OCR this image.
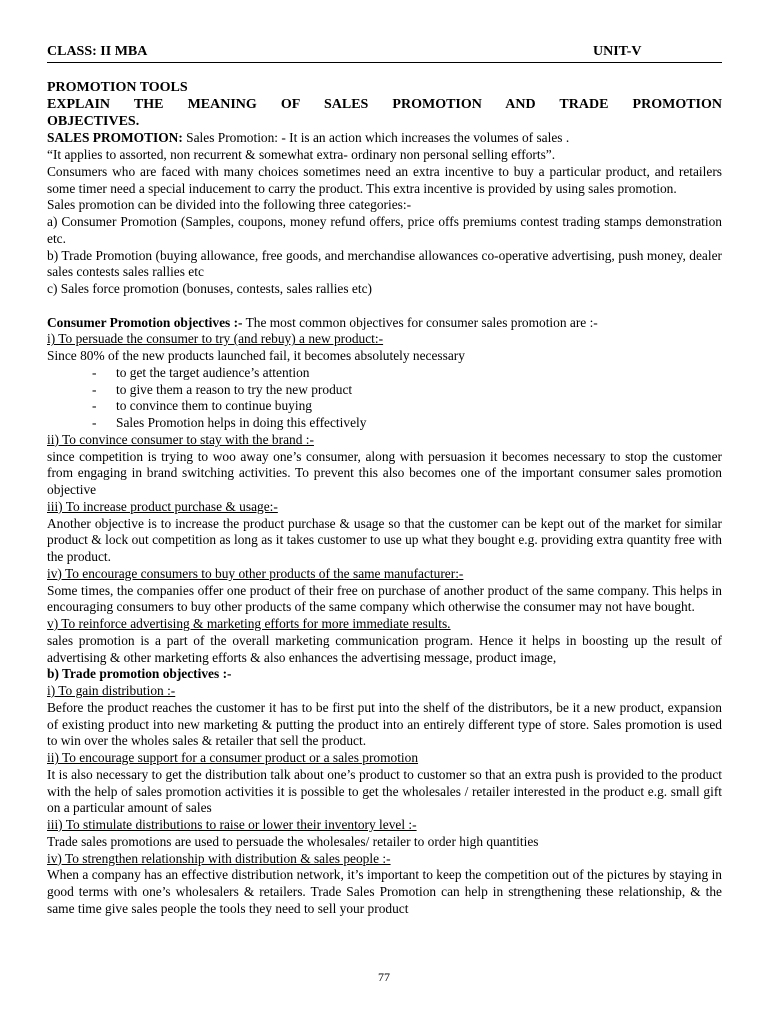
CLASS: II MBA	UNIT-V

PROMOTION TOOLS

EXPLAIN THE MEANING OF SALES PROMOTION AND TRADE PROMOTION

OBJECTIVES.

SALES PROMOTION: Sales Promotion: - It is an action which increases the volumes of sales .

“It applies to assorted, non recurrent & somewhat extra- ordinary non personal selling efforts”.

Consumers who are faced with many choices sometimes need an extra incentive to buy a particular product, and retailers some timer need a special inducement to carry the product. This extra incentive is provided by using sales promotion.

Sales promotion can be divided into the following three categories:-

a) Consumer Promotion (Samples, coupons, money refund offers, price offs premiums contest trading stamps demonstration etc.

b) Trade Promotion (buying allowance, free goods, and merchandise allowances co-operative advertising, push money, dealer sales contests sales rallies etc

c) Sales force promotion (bonuses, contests, sales rallies etc)

Consumer Promotion objectives :- The most common objectives for consumer sales promotion are :-

i) To persuade the consumer to try (and rebuy) a new product:-

Since 80% of the new products launched fail, it becomes absolutely necessary

- to get the target audience’s attention
- to give them a reason to try the new product
- to convince them to continue buying
- Sales Promotion helps in doing this effectively

ii) To convince consumer to stay with the brand :-

since competition is trying to woo away one’s consumer, along with persuasion it becomes necessary to stop the customer from engaging in brand switching activities. To prevent this also becomes one of the important consumer sales promotion objective

iii) To increase product purchase & usage:-

Another objective is to increase the product purchase & usage so that the customer can be kept out of the market for similar product & lock out competition as long as it takes customer to use up what they bought e.g. providing extra quantity free with the product.

iv) To encourage consumers to buy other products of the same manufacturer:-

Some times, the companies offer one product of their free on purchase of another product of the same company. This helps in encouraging consumers to buy other products of the same company which otherwise the consumer may not have bought.

v) To reinforce advertising & marketing efforts for more immediate results.

sales promotion is a part of the overall marketing communication program. Hence it helps in boosting up the result of advertising & other marketing efforts & also enhances the advertising message, product image,

b) Trade promotion objectives :-

i) To gain distribution :-

Before the product reaches the customer it has to be first put into the shelf of the distributors, be it a new product, expansion of existing product into new marketing & putting the product into an entirely different type of store. Sales promotion is used to win over the wholes sales & retailer that sell the product.

ii) To encourage support for a consumer product or a sales promotion

It is also necessary to get the distribution talk about one’s product to customer so that an extra push is provided to the product with the help of sales promotion activities it is possible to get the wholesales / retailer interested in the product e.g. small gift on a particular amount of sales

iii) To stimulate distributions to raise or lower their inventory level :-

Trade sales promotions are used to persuade the wholesales/ retailer to order high quantities

iv) To strengthen relationship with distribution & sales people :-

When a company has an effective distribution network, it’s important to keep the competition out of the pictures by staying in good terms with one’s wholesalers & retailers. Trade Sales Promotion can help in strengthening these relationship, & the same time give sales people the tools they need to sell your product

77
